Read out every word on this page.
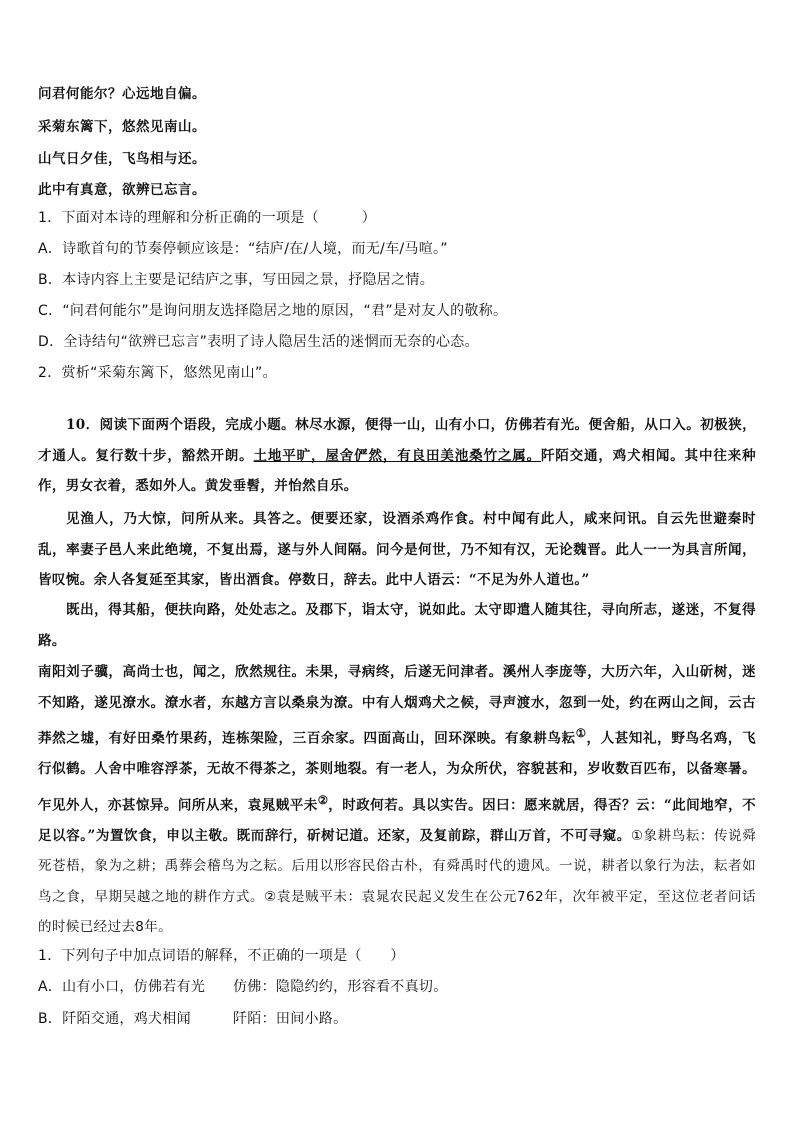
问君何能尔？心远地自偏。
采菊东篱下，悠然见南山。
山气日夕佳，飞鸟相与还。
此中有真意，欲辨已忘言。
1．下面对本诗的理解和分析正确的一项是（　　　）
A．诗歌首句的节奏停顿应该是：“结庐/在/人境，而无/车/马喧。”
B．本诗内容上主要是记结庐之事，写田园之景，抒隐居之情。
C．“问君何能尔”是询问朋友选择隐居之地的原因，“君”是对友人的敬称。
D．全诗结句“欲辨已忘言”表明了诗人隐居生活的迷惘而无奈的心态。
2．赏析“采菊东篱下，悠然见南山”。
10．阅读下面两个语段，完成小题。林尽水源，便得一山，山有小口，仿佛若有光。便舍船，从口入。初极狭，才通人。复行数十步，豁然开朗。土地平旷，屋舍俨然，有良田美池桑竹之属。阡陌交通，鸡犬相闻。其中往来种作，男女衣着，悉如外人。黄发垂髫，并怡然自乐。
见渔人，乃大惊，问所从来。具答之。便要还家，设酒杀鸡作食。村中闻有此人，咸来问讯。自云先世避秦时乱，率妻子邑人来此绝境，不复出焉，遂与外人间隔。问今是何世，乃不知有汉，无论魏晋。此人一一为具言所闻，皆叹惋。余人各复延至其家，皆出酒食。停数日，辞去。此中人语云：“不足为外人道也。”
既出，得其船，便扶向路，处处志之。及郡下，诣太守，说如此。太守即遣人随其往，寻向所志，遂迷，不复得路。
南阳刘子骥，高尚士也，闻之，欣然规往。未果，寻病终，后遂无问津者。溪州人李庞等，大历六年，入山斫树，迷不知路，遂见潦水。潦水者，东越方言以桑泉为潦。中有人烟鸡犬之候，寻声渡水，忽到一处，约在两山之间，云古莽然之墟，有好田桑竹果药，连栋架险，三百余家。四面高山，回环深映。有象耕鸟耘①，人甚知礼，野鸟名鸡，飞行似鹤。人舍中唯容浮茶，无故不得茶之，茶则地裂。有一老人，为众所伏，容貌甚和，岁收数百匹布，以备寒暑。乍见外人，亦甚惊异。问所从来，袁晁贼平未②，时政何若。具以实告。因曰：愿来就居，得否？云：“此间地窄，不足以容。”为置饮食，申以主敬。既而辞行，斫树记道。还家，及复前踪，群山万首，不可寻窥。①象耕鸟耘：传说舜死苍梧，象为之耕；禹葬会稽鸟为之耘。后用以形容民俗古朴，有舜禹时代的遗风。一说，耕者以象行为法，耘者如鸟之食，早期吴越之地的耕作方式。②袁是贼平未：袁晁农民起义发生在公元762年，次年被平定，至这位老者问话的时候已经过去8年。
1．下列句子中加点词语的解释，不正确的一项是（　　）
A．山有小口，仿佛若有光 仿佛：隐隐约约，形容看不真切。
B．阡陌交通，鸡犬相闻	阡陌：田间小路。
